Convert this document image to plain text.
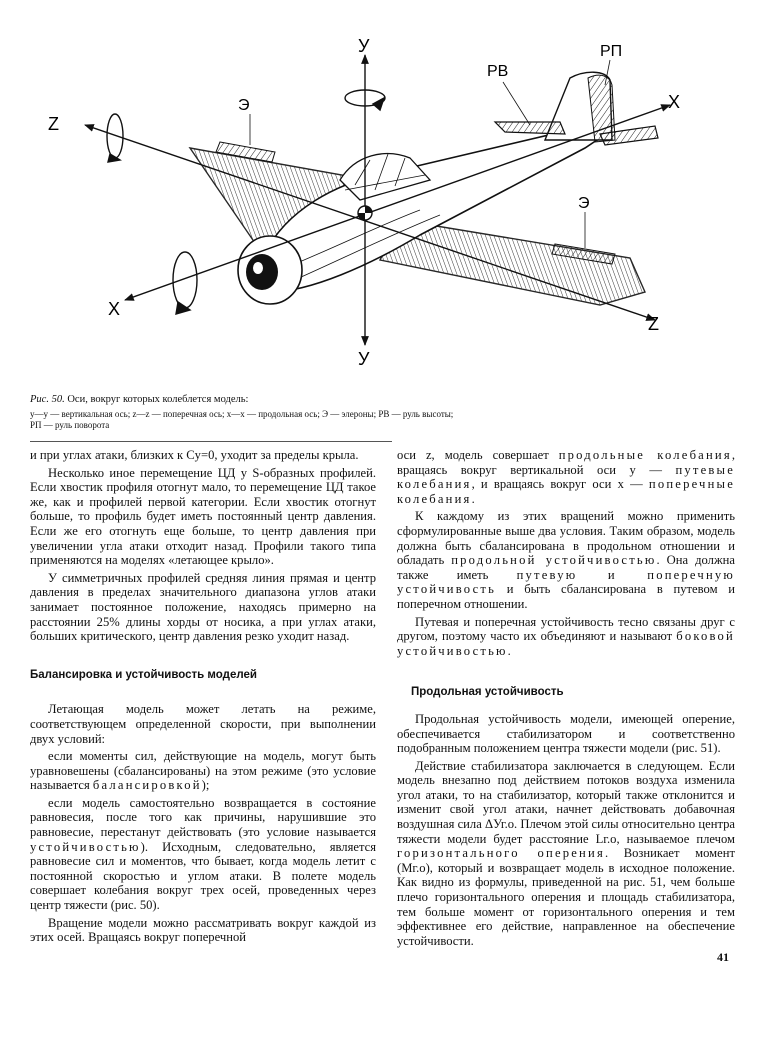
У
У
Z
Z
X
X
Э
Э
РВ
РП
Рис. 50. Оси, вокруг которых колеблется модель:
у—у — вертикальная ось; z—z — поперечная ось; x—x — продольная ось; Э — элероны; РВ — руль высоты;
РП — руль поворота

и при углах атаки, близких к Cу=0, уходит за пределы крыла.

Несколько иное перемещение ЦД у S-образных профилей. Если хвостик профиля отогнут мало, то перемещение ЦД такое же, как и профилей первой категории. Если хвостик отогнут больше, то профиль будет иметь постоянный центр давления. Если же его отогнуть еще больше, то центр давления при увеличении угла атаки отходит назад. Профили такого типа применяются на моделях «летающее крыло».

У симметричных профилей средняя линия прямая и центр давления в пределах значительного диапазона углов атаки занимает постоянное положение, находясь примерно на расстоянии 25% длины хорды от носика, а при углах атаки, больших критического, центр давления резко уходит назад.

Балансировка и устойчивость моделей

Летающая модель может летать на режиме, соответствующем определенной скорости, при выполнении двух условий:

если моменты сил, действующие на модель, могут быть уравновешены (сбалансированы) на этом режиме (это условие называется балансировкой);

если модель самостоятельно возвращается в состояние равновесия, после того как причины, нарушившие это равновесие, перестанут действовать (это условие называется устойчивостью). Исходным, следовательно, является равновесие сил и моментов, что бывает, когда модель летит с постоянной скоростью и углом атаки. В полете модель совершает колебания вокруг трех осей, проведенных через центр тяжести (рис. 50).

Вращение модели можно рассматривать вокруг каждой из этих осей. Вращаясь вокруг поперечной

оси z, модель совершает продольные колебания, вращаясь вокруг вертикальной оси у — путевые колебания, и вращаясь вокруг оси x — поперечные колебания.

К каждому из этих вращений можно применить сформулированные выше два условия. Таким образом, модель должна быть сбалансирована в продольном отношении и обладать продольной устойчивостью. Она должна также иметь путевую и поперечную устойчивость и быть сбалансирована в путевом и поперечном отношении.

Путевая и поперечная устойчивость тесно связаны друг с другом, поэтому часто их объединяют и называют боковой устойчивостью.

Продольная устойчивость

Продольная устойчивость модели, имеющей оперение, обеспечивается стабилизатором и соответственно подобранным положением центра тяжести модели (рис. 51).

Действие стабилизатора заключается в следующем. Если модель внезапно под действием потоков воздуха изменила угол атаки, то на стабилизатор, который также отклонится и изменит свой угол атаки, начнет действовать добавочная воздушная сила ΔУг.о. Плечом этой силы относительно центра тяжести модели будет расстояние Lг.о, называемое плечом горизонтального оперения. Возникает момент (Mг.о), который и возвращает модель в исходное положение. Как видно из формулы, приведенной на рис. 51, чем больше плечо горизонтального оперения и площадь стабилизатора, тем больше момент от горизонтального оперения и тем эффективнее его действие, направленное на обеспечение устойчивости.

41
